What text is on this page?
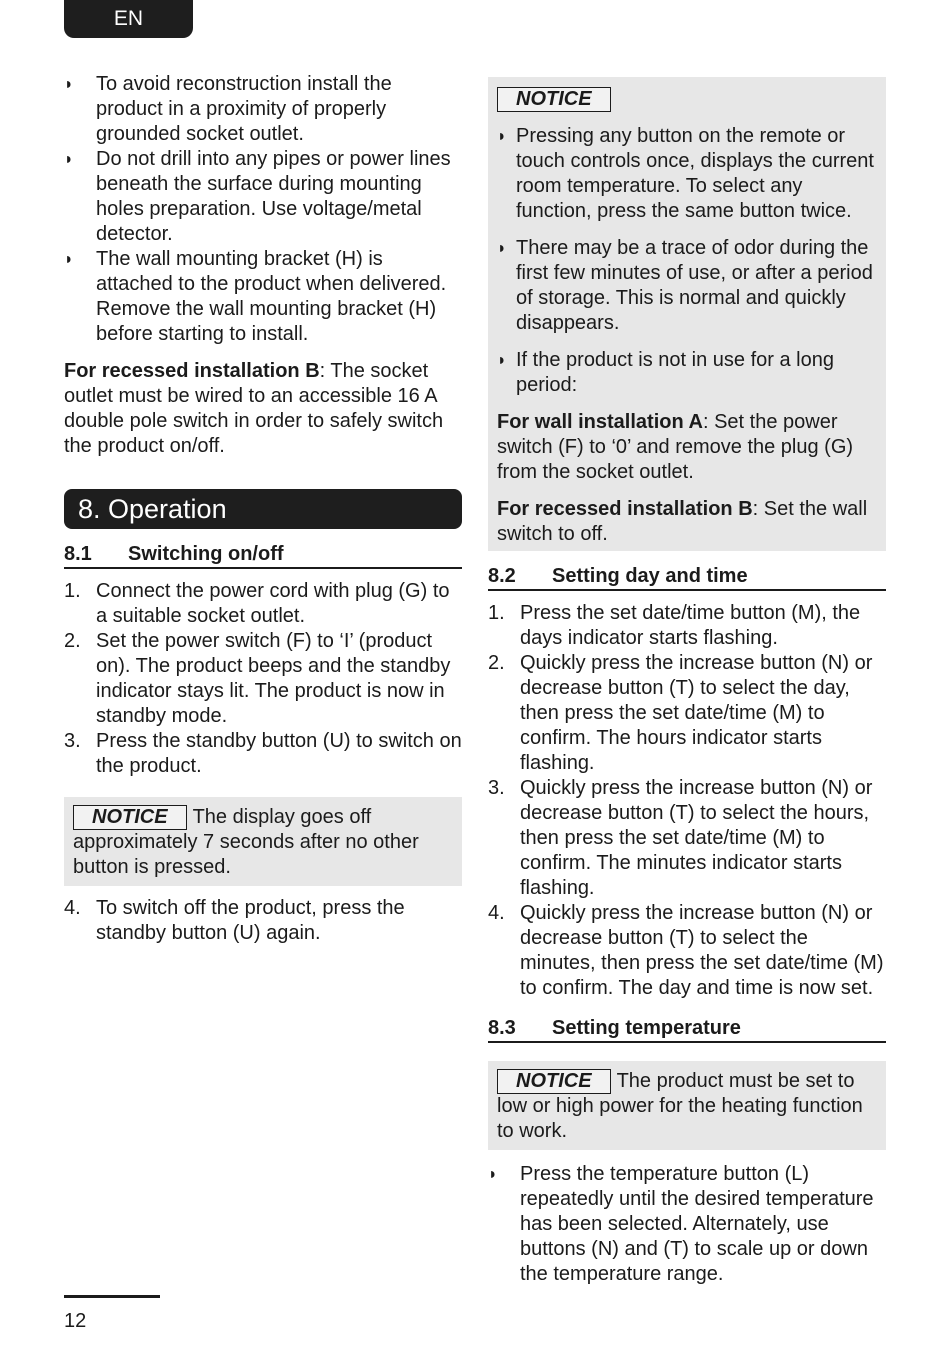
EN
◗ To avoid reconstruction install the product in a proximity of properly grounded socket outlet.

◗ Do not drill into any pipes or power lines beneath the surface during mounting holes preparation. Use voltage/metal detector.

◗ The wall mounting bracket (H) is attached to the product when delivered. Remove the wall mounting bracket (H) before starting to install.

For recessed installation B: The socket outlet must be wired to an accessible 16 A double pole switch in order to safely switch the product on/off.

8. Operation
8.1 Switching on/off
1. Connect the power cord with plug (G) to a suitable socket outlet.

2. Set the power switch (F) to ‘I’ (product on). The product beeps and the standby indicator stays lit. The product is now in standby mode.

3. Press the standby button (U) to switch on the product.

NOTICE The display goes off approximately 7 seconds after no other button is pressed.

4. To switch off the product, press the standby button (U) again.

NOTICE
◗ Pressing any button on the remote or touch controls once, displays the current room temperature. To select any function, press the same button twice.

◗ There may be a trace of odor during the first few minutes of use, or after a period of storage. This is normal and quickly disappears.

◗ If the product is not in use for a long period:

For wall installation A: Set the power switch (F) to ‘0’ and remove the plug (G) from the socket outlet.

For recessed installation B: Set the wall switch to off.

8.2 Setting day and time
1. Press the set date/time button (M), the days indicator starts flashing.

2. Quickly press the increase button (N) or decrease button (T) to select the day, then press the set date/time (M) to confirm. The hours indicator starts flashing.

3. Quickly press the increase button (N) or decrease button (T) to select the hours, then press the set date/time (M) to confirm. The minutes indicator starts flashing.

4. Quickly press the increase button (N) or decrease button (T) to select the minutes, then press the set date/time (M) to confirm. The day and time is now set.

8.3 Setting temperature

NOTICE The product must be set to low or high power for the heating function to work.

◗ Press the temperature button (L) repeatedly until the desired temperature has been selected. Alternately, use buttons (N) and (T) to scale up or down the temperature range.

12
